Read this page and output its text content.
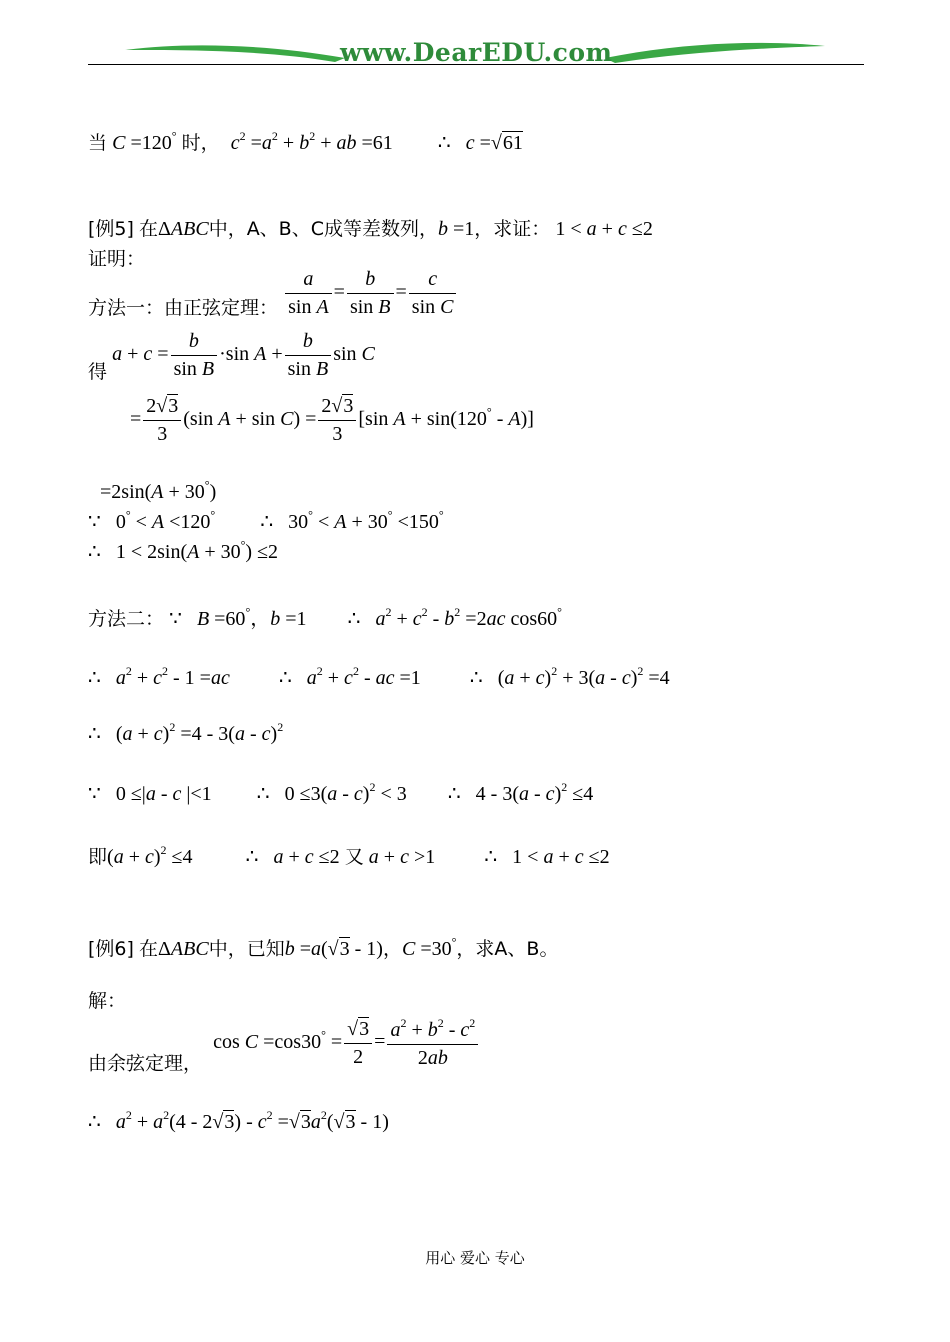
www.DearEDU.com
当 C =120° 时， $c^2 =a^2 + b^2$ + ab =61 ∴ c =√61
[例5] 在ΔABC中，A、B、C成等差数列，b =1，求证： 1 < a + c ≤2
证明：
方法一：由正弦定理： $\frac{a}{\text{sin A}} = \frac{b}{\text{sin B}} = \frac{c}{\text{sin C}}$
得 $a + c = \frac{b}{\text{sin B}} \cdot\sin$ $A + \frac{b}{\text{sin B}}$ sin C
= $\frac{2√3}{3} (\sin$ $A + \sin C) = \frac{2√3}{3} [\sin$ A + sin(120° - A)]
=2sin(A + 30°)
∵ 0° < A <120° ∴ 30° < A + 30° <150°
∴ 1 < 2sin(A + 30°) ≤2
方法二： ∵ B =60°，b =1 ∴ $a^2 + c^2 - b^2 =2ac$ cos60°
∴ $a^2 + c^2 - 1 =ac$ ∴ $a^2 + c^2$ - ac =1 ∴ $(a + c)^2 + 3(a - c)^2 =4$
∴ $(a + c)^2 =4 - 3(a - c)^2$
∵ 0 ≤|a - c |<1 ∴ 0 ≤3(a - c)$^2$ < 3 ∴ 4 - 3(a - c)$^2$ ≤4
即$(a + c)^2 \le 4$	∴ a + c ≤2 又 a + c >1 ∴ 1 < a + c ≤2
[例6] 在ΔABC中，已知b =a(√3 - 1)，C =30°，求A、B。
解：
由余弦定理， $\cos C =\cos 30^\circ = \frac{√3}{2} = \frac{a^2 + b^2 - c^2}{2ab}$
∴ $a^2 + a^2(4 - 2√3) - c^2 =√3a^2(√3 - 1)$
用心 爱心 专心
